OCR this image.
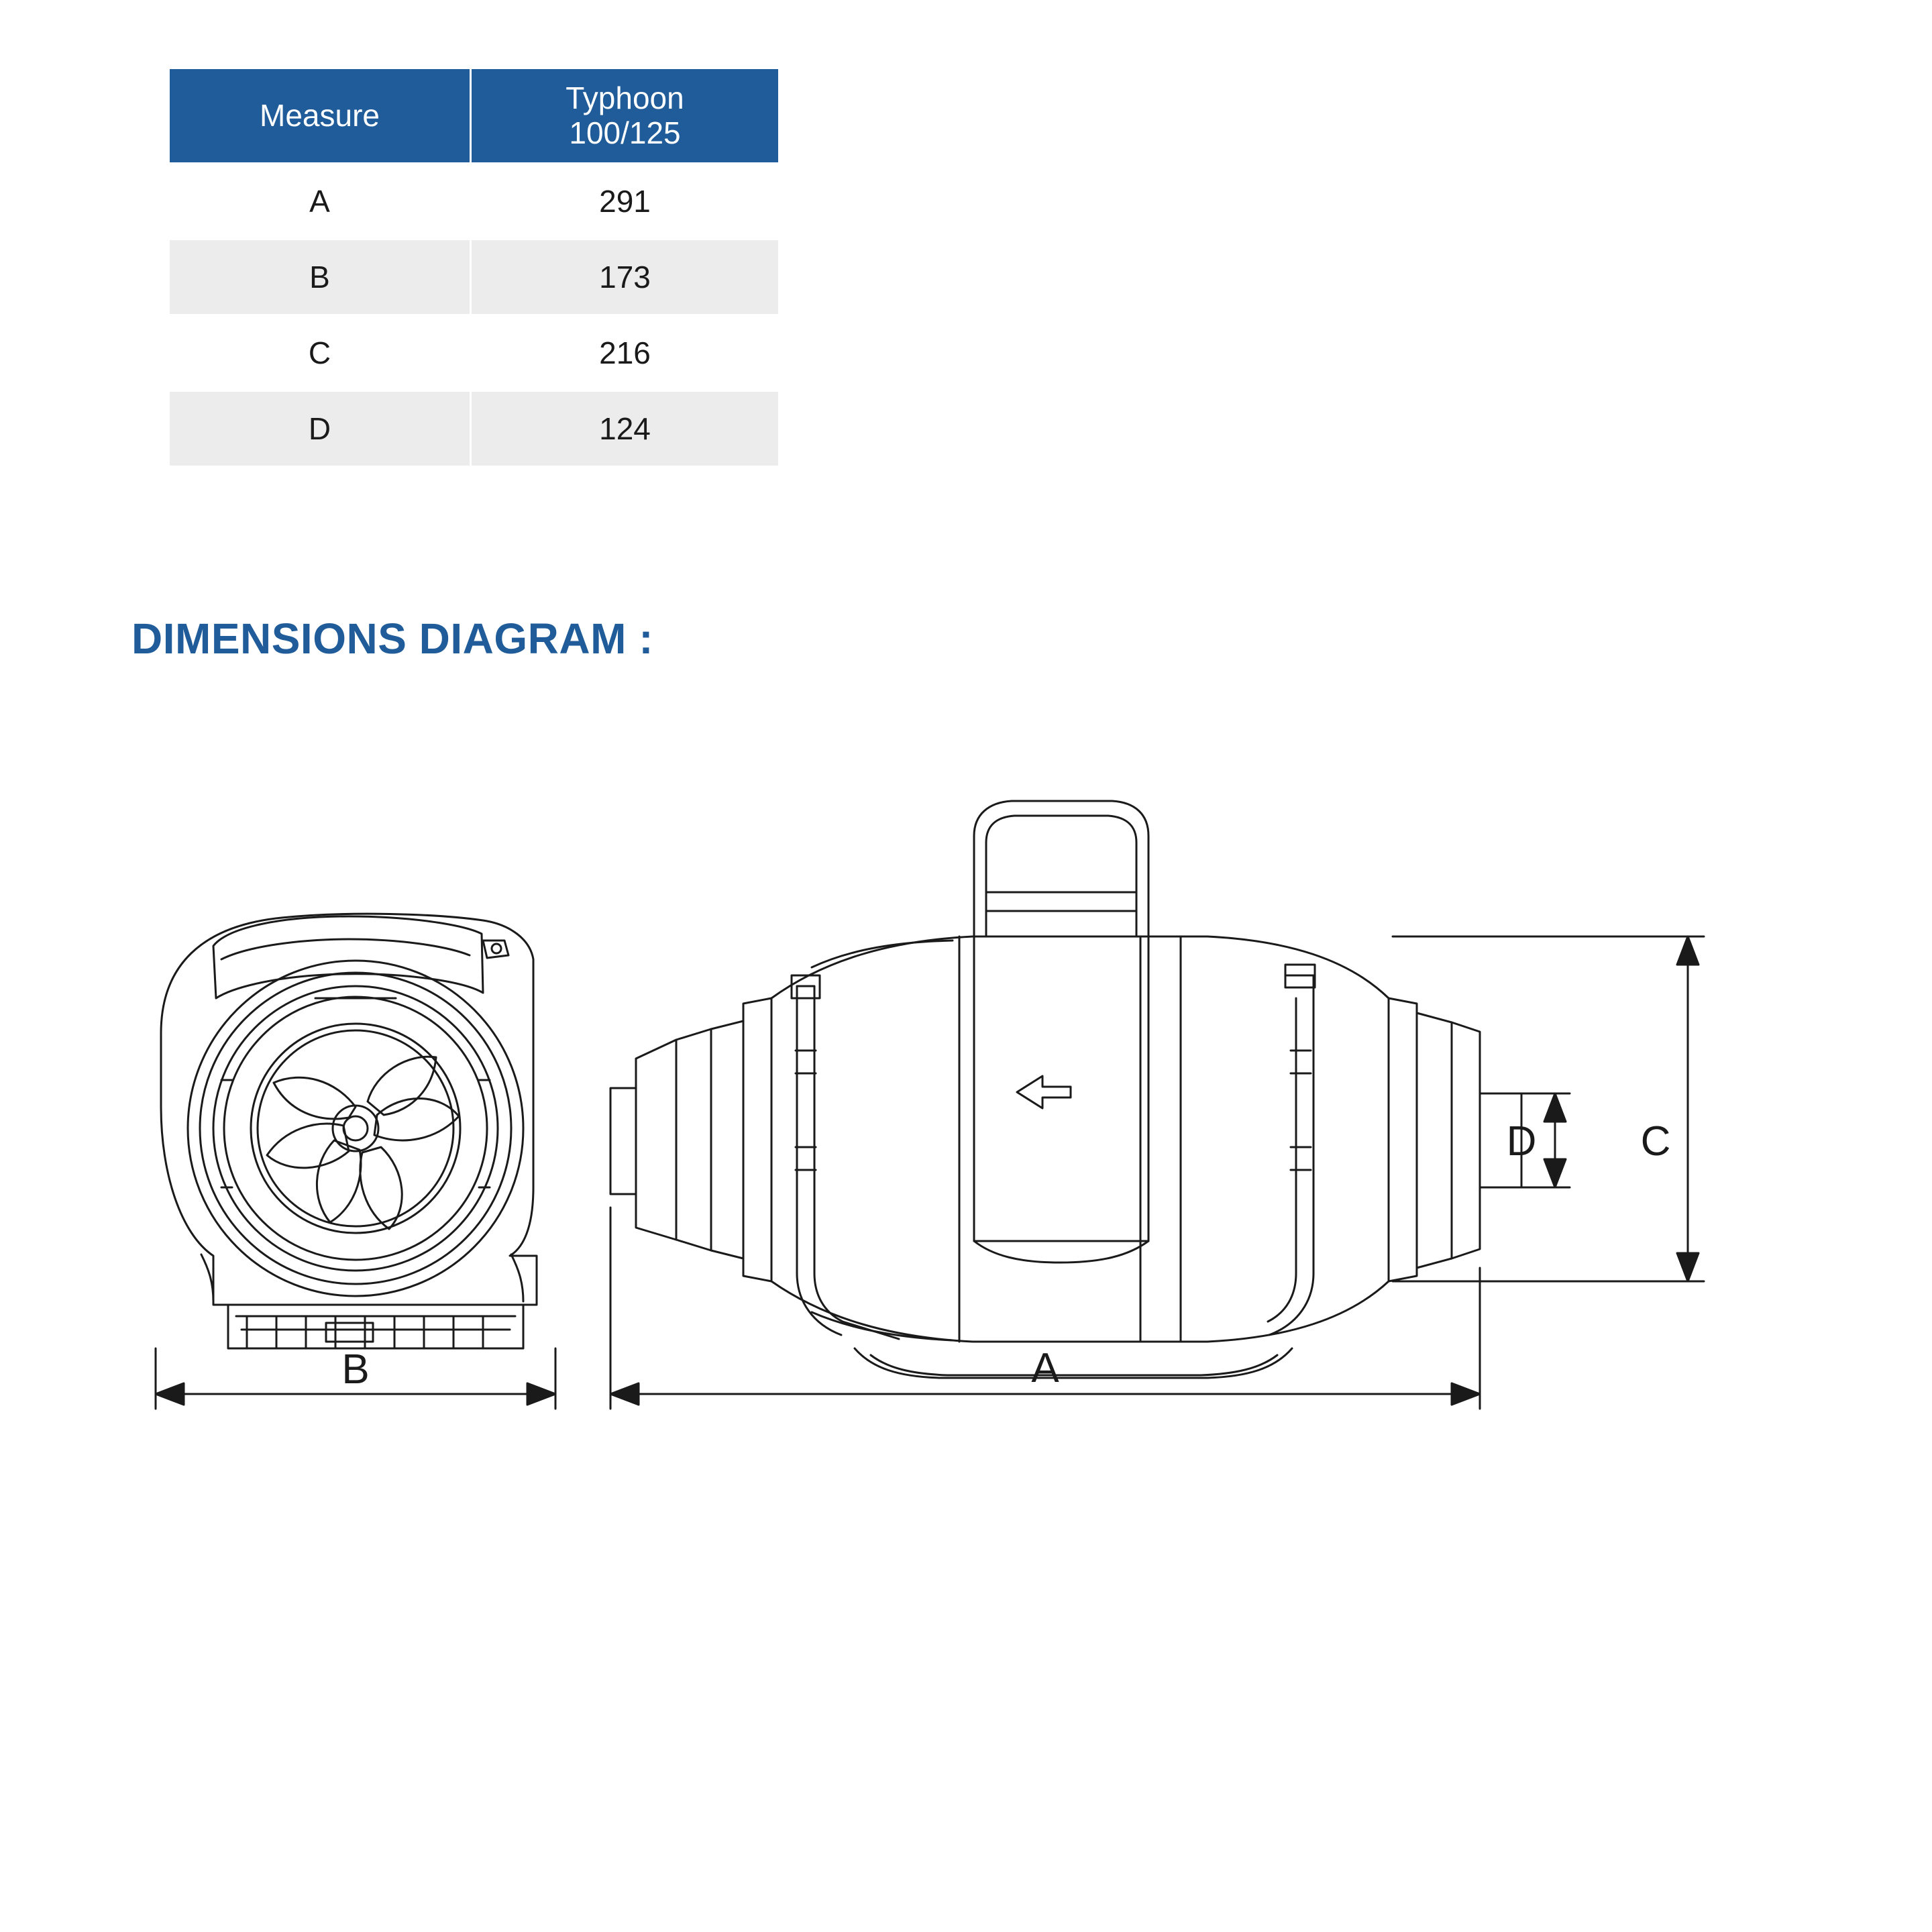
Measure	Typhoon
100/125
A	291
B	173
C	216
D	124
DIMENSIONS DIAGRAM :
B	A
D	C
